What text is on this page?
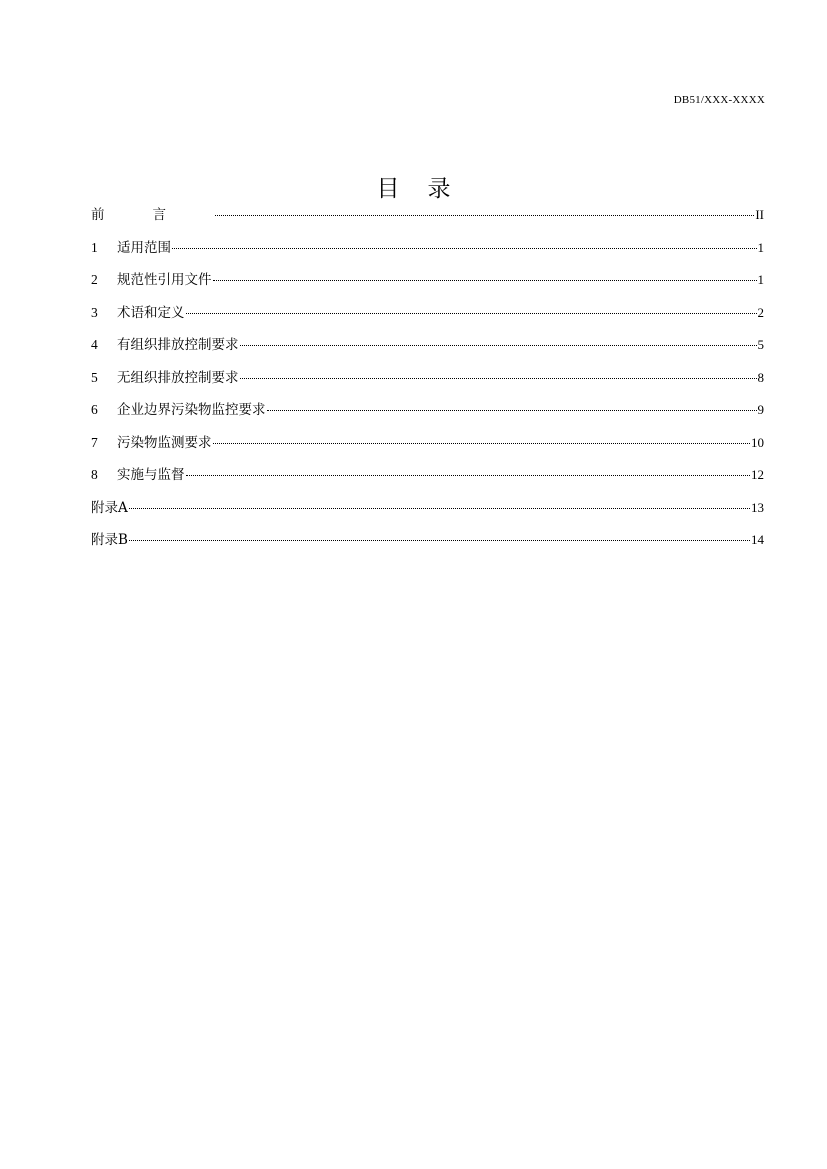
DB51/XXX-XXXX
目录
前言	II
1	适用范围	1
2	规范性引用文件	1
3	术语和定义	2
4	有组织排放控制要求	5
5	无组织排放控制要求	8
6	企业边界污染物监控要求	9
7	污染物监测要求	10
8	实施与监督	12
附录A	13
附录B	14
